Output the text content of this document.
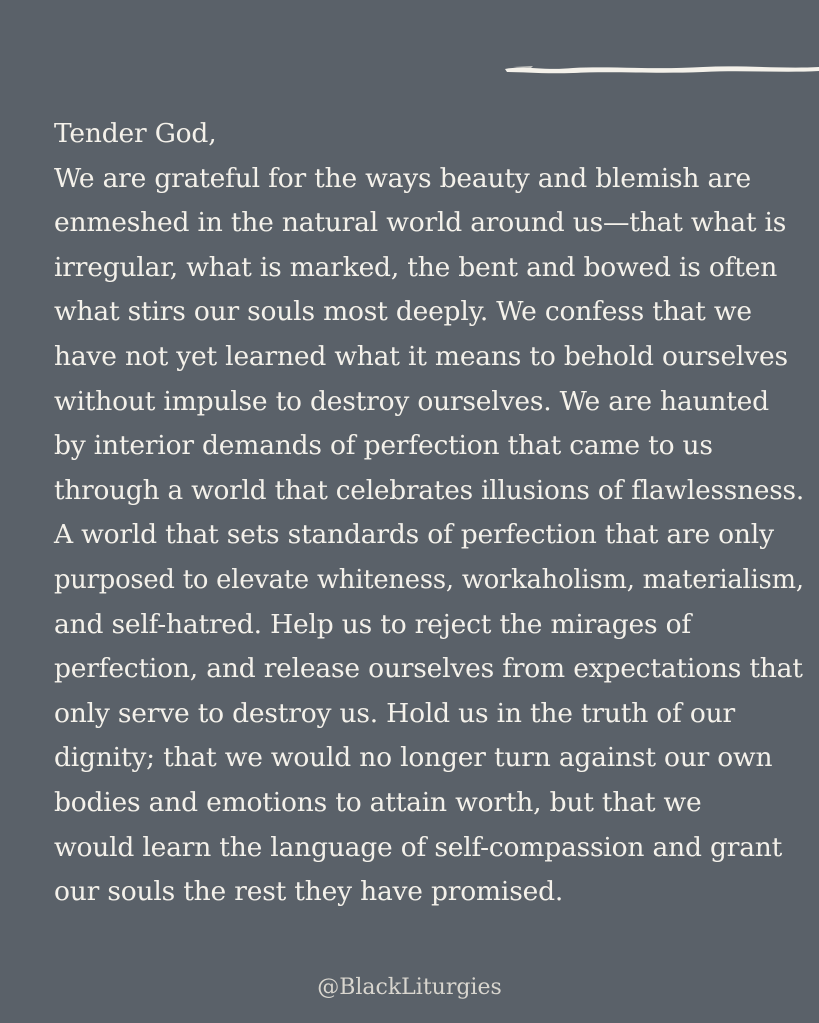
Tender God,
We are grateful for the ways beauty and blemish are
enmeshed in the natural world around us—that what is
irregular, what is marked, the bent and bowed is often
what stirs our souls most deeply. We confess that we
have not yet learned what it means to behold ourselves
without impulse to destroy ourselves. We are haunted
by interior demands of perfection that came to us
through a world that celebrates illusions of flawlessness.
A world that sets standards of perfection that are only
purposed to elevate whiteness, workaholism, materialism,
and self-hatred. Help us to reject the mirages of
perfection, and release ourselves from expectations that
only serve to destroy us. Hold us in the truth of our
dignity; that we would no longer turn against our own
bodies and emotions to attain worth, but that we
would learn the language of self-compassion and grant
our souls the rest they have promised.
@BlackLiturgies
